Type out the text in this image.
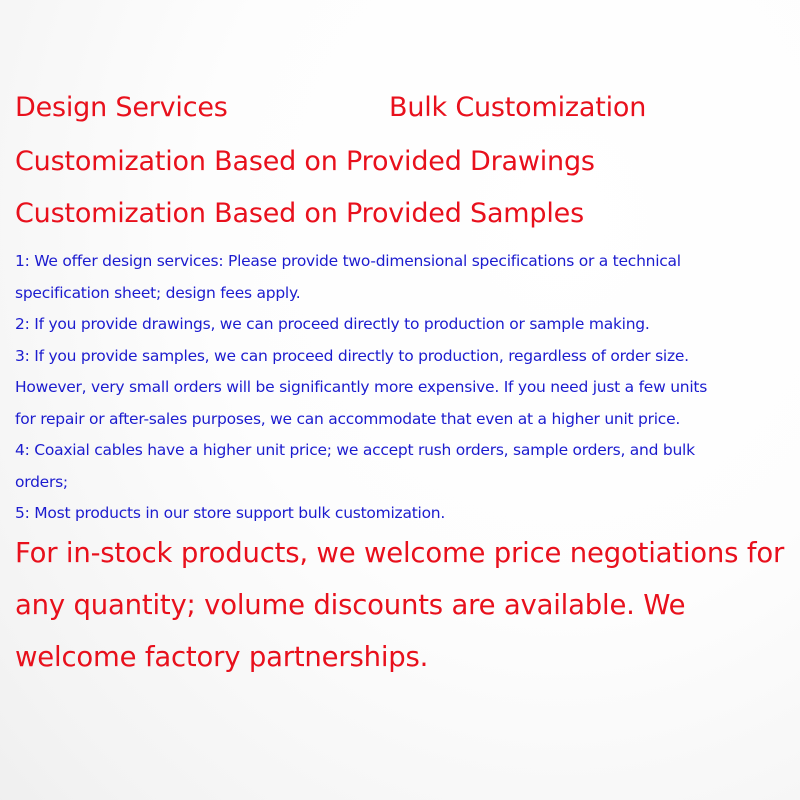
Design Services	Bulk Customization
Customization Based on Provided Drawings
Customization Based on Provided Samples
1: We offer design services: Please provide two-dimensional specifications or a technical
specification sheet; design fees apply.
2: If you provide drawings, we can proceed directly to production or sample making.
3: If you provide samples, we can proceed directly to production, regardless of order size.
However, very small orders will be significantly more expensive. If you need just a few units
for repair or after-sales purposes, we can accommodate that even at a higher unit price.
4: Coaxial cables have a higher unit price; we accept rush orders, sample orders, and bulk
orders;
5: Most products in our store support bulk customization.
For in-stock products, we welcome price negotiations for
any quantity; volume discounts are available. We
welcome factory partnerships.
